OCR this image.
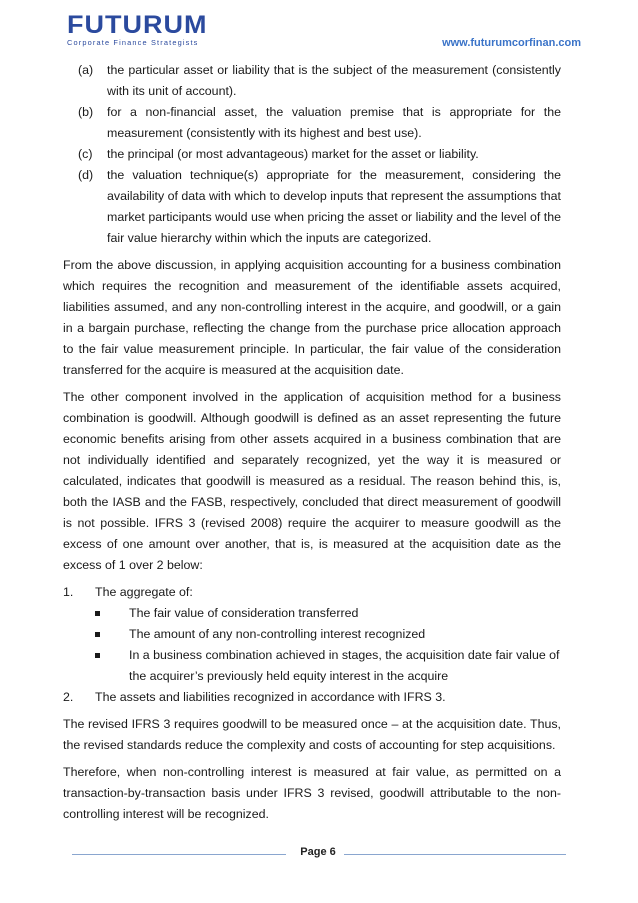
FUTURUM
Corporate Finance Strategists	www.futurumcorfinan.com
(a)	the particular asset or liability that is the subject of the measurement (consistently with its unit of account).
(b)	for a non-financial asset, the valuation premise that is appropriate for the measurement (consistently with its highest and best use).
(c)	the principal (or most advantageous) market for the asset or liability.
(d)	the valuation technique(s) appropriate for the measurement, considering the availability of data with which to develop inputs that represent the assumptions that market participants would use when pricing the asset or liability and the level of the fair value hierarchy within which the inputs are categorized.

From the above discussion, in applying acquisition accounting for a business combination which requires the recognition and measurement of the identifiable assets acquired, liabilities assumed, and any non-controlling interest in the acquire, and goodwill, or a gain in a bargain purchase, reflecting the change from the purchase price allocation approach to the fair value measurement principle. In particular, the fair value of the consideration transferred for the acquire is measured at the acquisition date.

The other component involved in the application of acquisition method for a business combination is goodwill. Although goodwill is defined as an asset representing the future economic benefits arising from other assets acquired in a business combination that are not individually identified and separately recognized, yet the way it is measured or calculated, indicates that goodwill is measured as a residual. The reason behind this, is, both the IASB and the FASB, respectively, concluded that direct measurement of goodwill is not possible. IFRS 3 (revised 2008) require the acquirer to measure goodwill as the excess of one amount over another, that is, is measured at the acquisition date as the excess of 1 over 2 below:

1.	The aggregate of:
The fair value of consideration transferred
The amount of any non-controlling interest recognized
In a business combination achieved in stages, the acquisition date fair value of the acquirer’s previously held equity interest in the acquire
2.	The assets and liabilities recognized in accordance with IFRS 3.

The revised IFRS 3 requires goodwill to be measured once – at the acquisition date. Thus, the revised standards reduce the complexity and costs of accounting for step acquisitions.

Therefore, when non-controlling interest is measured at fair value, as permitted on a transaction-by-transaction basis under IFRS 3 revised, goodwill attributable to the non-controlling interest will be recognized.

Page 6
